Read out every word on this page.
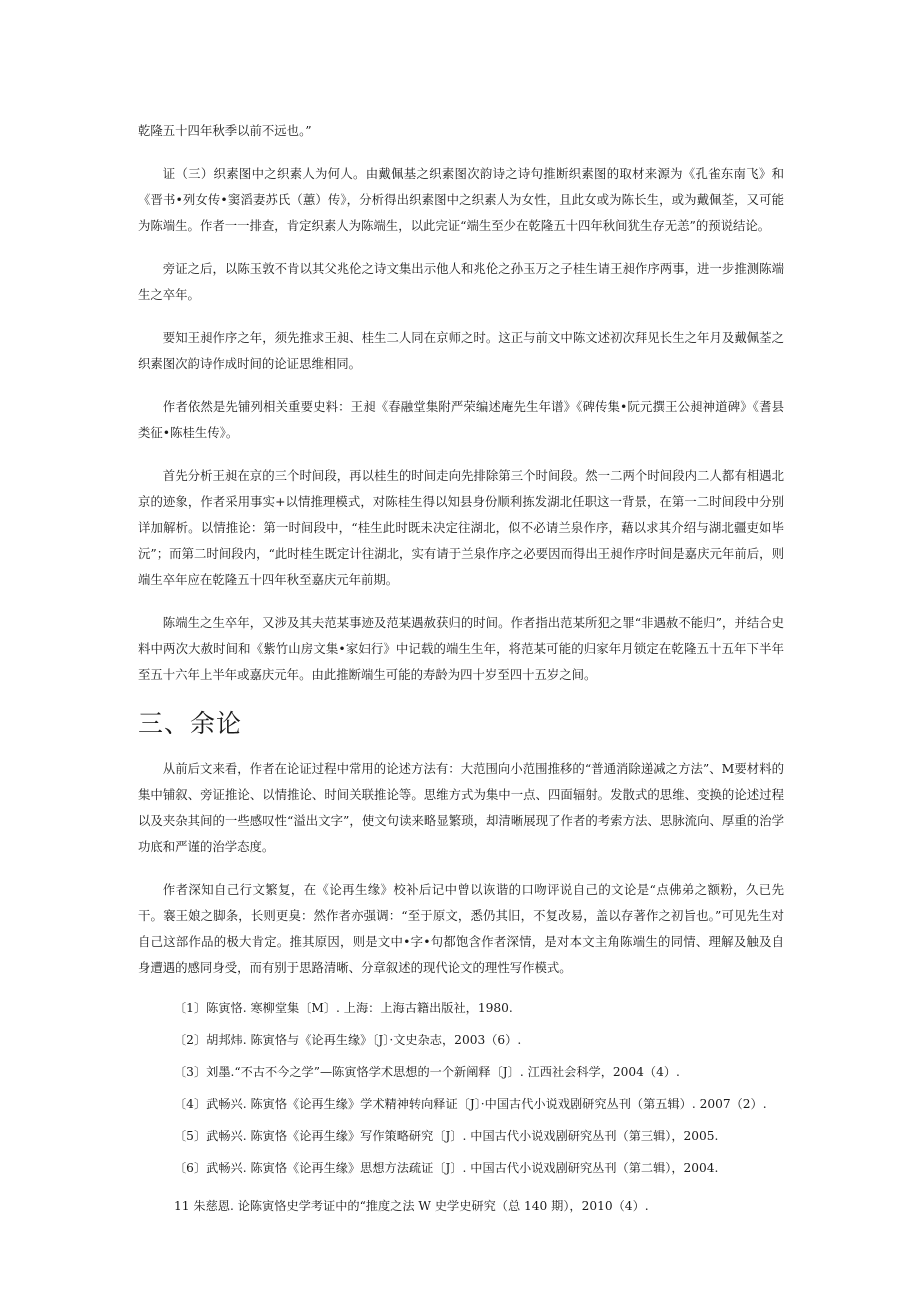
乾隆五十四年秋季以前不远也。”

证（三）织素图中之织素人为何人。由戴佩基之织素图次韵诗之诗句推断织素图的取材来源为《孔雀东南飞》和《晋书•列女传•窦滔妻苏氏（蕙）传》，分析得出织素图中之织素人为女性，且此女或为陈长生，或为戴佩荃，又可能为陈端生。作者一一排查，肯定织素人为陈端生，以此完证“端生至少在乾隆五十四年秋间犹生存无恙”的预说结论。

旁证之后，以陈玉敦不肯以其父兆伦之诗文集出示他人和兆伦之孙玉万之子桂生请王昶作序两事，进一步推测陈端生之卒年。

要知王昶作序之年，须先推求王昶、桂生二人同在京师之时。这正与前文中陈文述初次拜见长生之年月及戴佩荃之织素图次韵诗作成时间的论证思维相同。

作者依然是先铺列相关重要史料：王昶《春融堂集附严荣编述庵先生年谱》《碑传集•阮元撰王公昶神道碑》《耆县类征•陈桂生传》。

首先分析王昶在京的三个时间段，再以桂生的时间走向先排除第三个时间段。然一二两个时间段内二人都有相遇北京的迹象，作者采用事实+以情推理模式，对陈桂生得以知县身份顺利拣发湖北任职这一背景，在第一二时间段中分别详加解析。以情推论：第一时间段中，“桂生此时既未决定往湖北，似不必请兰泉作序，藉以求其介绍与湖北疆吏如毕沅”；而第二时间段内，“此时桂生既定计往湖北，实有请于兰泉作序之必要因而得出王昶作序时间是嘉庆元年前后，则端生卒年应在乾隆五十四年秋至嘉庆元年前期。

陈端生之生卒年，又涉及其夫范某事迹及范某遇赦获归的时间。作者指出范某所犯之罪“非遇赦不能归”，并结合史料中两次大赦时间和《紫竹山房文集•家妇行》中记载的端生生年，将范某可能的归家年月锁定在乾隆五十五年下半年至五十六年上半年或嘉庆元年。由此推断端生可能的寿龄为四十岁至四十五岁之间。

三、余论

从前后文来看，作者在论证过程中常用的论述方法有：大范围向小范围推移的“普通消除递减之方法”、M要材料的集中铺叙、旁证推论、以情推论、时间关联推论等。思维方式为集中一点、四面辐射。发散式的思维、变换的论述过程以及夹杂其间的一些感叹性“溢出文字”，使文句读来略显繁琐，却清晰展现了作者的考索方法、思脉流向、厚重的治学功底和严谨的治学态度。

作者深知自己行文繁复，在《论再生缘》校补后记中曾以诙谐的口吻评说自己的文论是“点佛弟之额粉，久已先干。褰王娘之脚条，长则更臭：然作者亦强调：“至于原文，悉仍其旧，不复改易，盖以存著作之初旨也。”可见先生对自己这部作品的极大肯定。推其原因，则是文中•字•句都饱含作者深情，是对本文主角陈端生的同情、理解及触及自身遭遇的感同身受，而有别于思路清晰、分章叙述的现代论文的理性写作模式。

〔1〕陈寅恪. 寒柳堂集〔M〕. 上海：上海古籍出版社，1980.
〔2〕胡邦炜. 陈寅恪与《论再生缘》〔J〕·文史杂志，2003（6）.
〔3〕刘墨.“不古不今之学”—陈寅恪学术思想的一个新阐释〔J〕. 江西社会科学，2004（4）.
〔4〕武畅兴. 陈寅恪《论再生缘》学术精神转向释证〔J〕·中国古代小说戏剧研究丛刊（第五辑）. 2007（2）.
〔5〕武畅兴. 陈寅恪《论再生缘》写作策略研究〔J〕. 中国古代小说戏剧研究丛刊（第三辑），2005.
〔6〕武畅兴. 陈寅恪《论再生缘》思想方法疏证〔J〕. 中国古代小说戏剧研究丛刊（第二辑），2004.
11 朱慈恩. 论陈寅恪史学考证中的“推度之法 W 史学史研究（总 140 期），2010（4）.
